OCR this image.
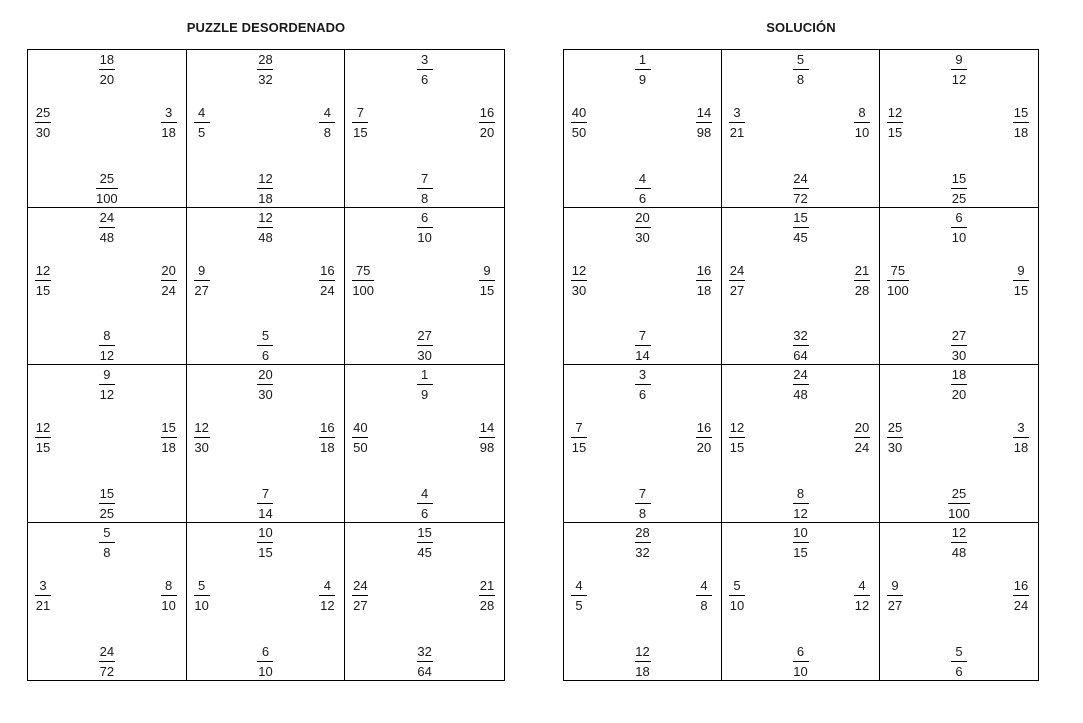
PUZZLE DESORDENADO	SOLUCIÓN
18
20
25
30
3
18
25
100
28
32
4
5
4
8
12
18
3
6
7
15
16
20
7
8
24
48
12
15
20
24
8
12
12
48
9
27
16
24
5
6
6
10
75
100
9
15
27
30
9
12
12
15
15
18
15
25
20
30
12
30
16
18
7
14
1
9
40
50
14
98
4
6
5
8
3
21
8
10
24
72
10
15
5
10
4
12
6
10
15
45
24
27
21
28
32
64
1
9
40
50
14
98
4
6
5
8
3
21
8
10
24
72
9
12
12
15
15
18
15
25
20
30
12
30
16
18
7
14
15
45
24
27
21
28
32
64
6
10
75
100
9
15
27
30
3
6
7
15
16
20
7
8
24
48
12
15
20
24
8
12
18
20
25
30
3
18
25
100
28
32
4
5
4
8
12
18
10
15
5
10
4
12
6
10
12
48
9
27
16
24
5
6
